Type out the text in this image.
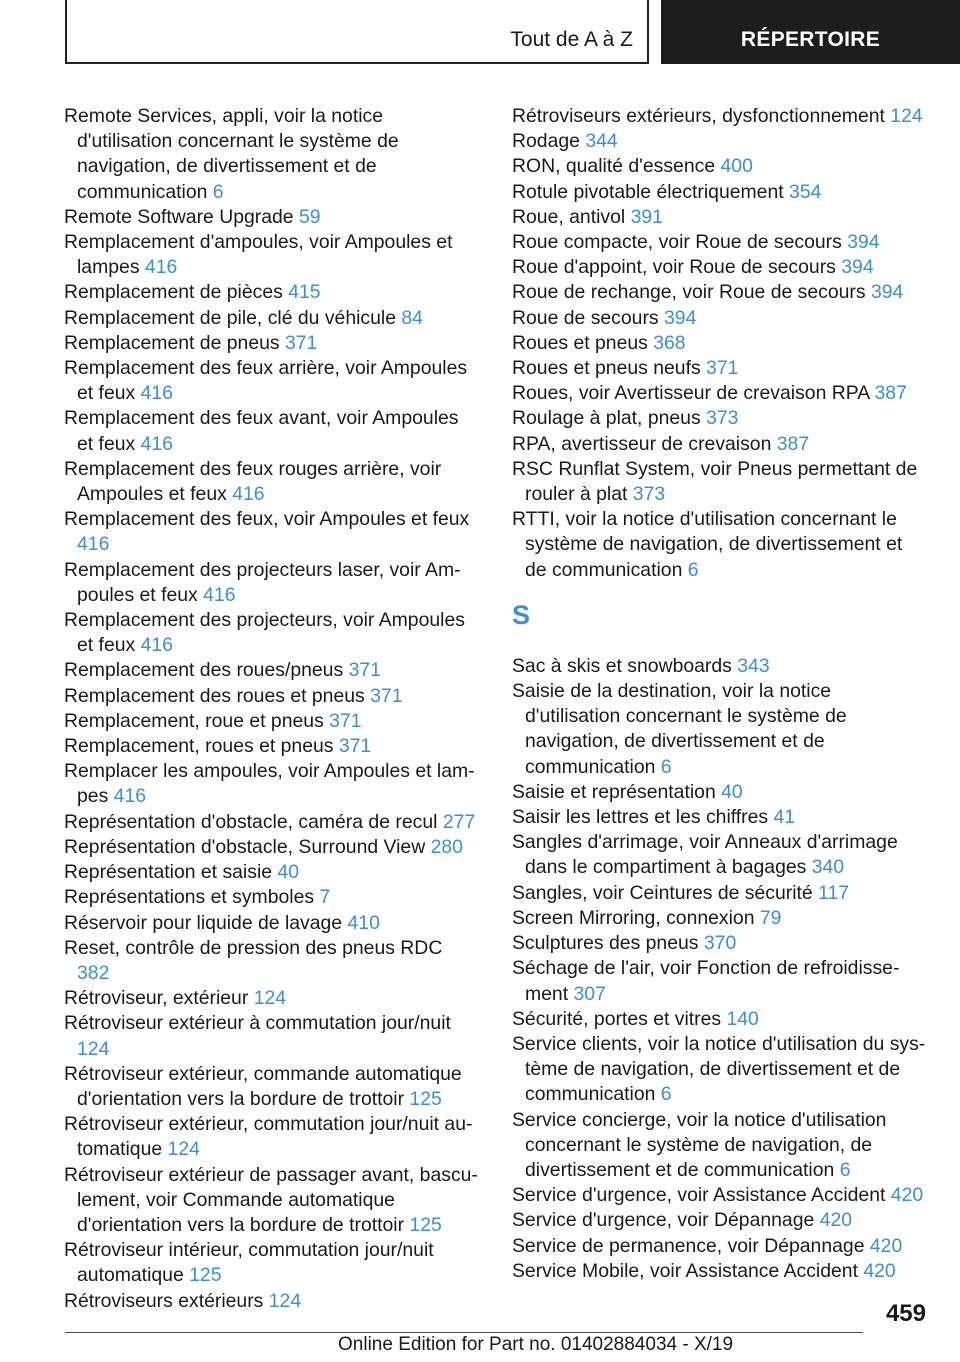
Tout de A à Z	RÉPERTOIRE

Remote Services, appli, voir la notice d'utilisation concernant le système de navigation, de divertissement et de communication 6

Remote Software Upgrade 59

Remplacement d'ampoules, voir Ampoules et lampes 416

Remplacement de pièces 415

Remplacement de pile, clé du véhicule 84

Remplacement de pneus 371

Remplacement des feux arrière, voir Ampoules et feux 416

Remplacement des feux avant, voir Ampoules et feux 416

Remplacement des feux rouges arrière, voir Ampoules et feux 416

Remplacement des feux, voir Ampoules et feux 416

Remplacement des projecteurs laser, voir Ampoules et feux 416

Remplacement des projecteurs, voir Ampoules et feux 416

Remplacement des roues/pneus 371

Remplacement des roues et pneus 371

Remplacement, roue et pneus 371

Remplacement, roues et pneus 371

Remplacer les ampoules, voir Ampoules et lampes 416

Représentation d'obstacle, caméra de recul 277

Représentation d'obstacle, Surround View 280

Représentation et saisie 40

Représentations et symboles 7

Réservoir pour liquide de lavage 410

Reset, contrôle de pression des pneus RDC 382

Rétroviseur, extérieur 124

Rétroviseur extérieur à commutation jour/nuit 124

Rétroviseur extérieur, commande automatique d'orientation vers la bordure de trottoir 125

Rétroviseur extérieur, commutation jour/nuit automatique 124

Rétroviseur extérieur de passager avant, basculement, voir Commande automatique d'orientation vers la bordure de trottoir 125

Rétroviseur intérieur, commutation jour/nuit automatique 125

Rétroviseurs extérieurs 124

Rétroviseurs extérieurs, dysfonctionnement 124

Rodage 344

RON, qualité d'essence 400

Rotule pivotable électriquement 354

Roue, antivol 391

Roue compacte, voir Roue de secours 394

Roue d'appoint, voir Roue de secours 394

Roue de rechange, voir Roue de secours 394

Roue de secours 394

Roues et pneus 368

Roues et pneus neufs 371

Roues, voir Avertisseur de crevaison RPA 387

Roulage à plat, pneus 373

RPA, avertisseur de crevaison 387

RSC Runflat System, voir Pneus permettant de rouler à plat 373

RTTI, voir la notice d'utilisation concernant le système de navigation, de divertissement et de communication 6

S

Sac à skis et snowboards 343

Saisie de la destination, voir la notice d'utilisation concernant le système de navigation, de divertissement et de communication 6

Saisie et représentation 40

Saisir les lettres et les chiffres 41

Sangles d'arrimage, voir Anneaux d'arrimage dans le compartiment à bagages 340

Sangles, voir Ceintures de sécurité 117

Screen Mirroring, connexion 79

Sculptures des pneus 370

Séchage de l'air, voir Fonction de refroidissement 307

Sécurité, portes et vitres 140

Service clients, voir la notice d'utilisation du système de navigation, de divertissement et de communication 6

Service concierge, voir la notice d'utilisation concernant le système de navigation, de divertissement et de communication 6

Service d'urgence, voir Assistance Accident 420

Service d'urgence, voir Dépannage 420

Service de permanence, voir Dépannage 420

Service Mobile, voir Assistance Accident 420

459
Online Edition for Part no. 01402884034 - X/19
